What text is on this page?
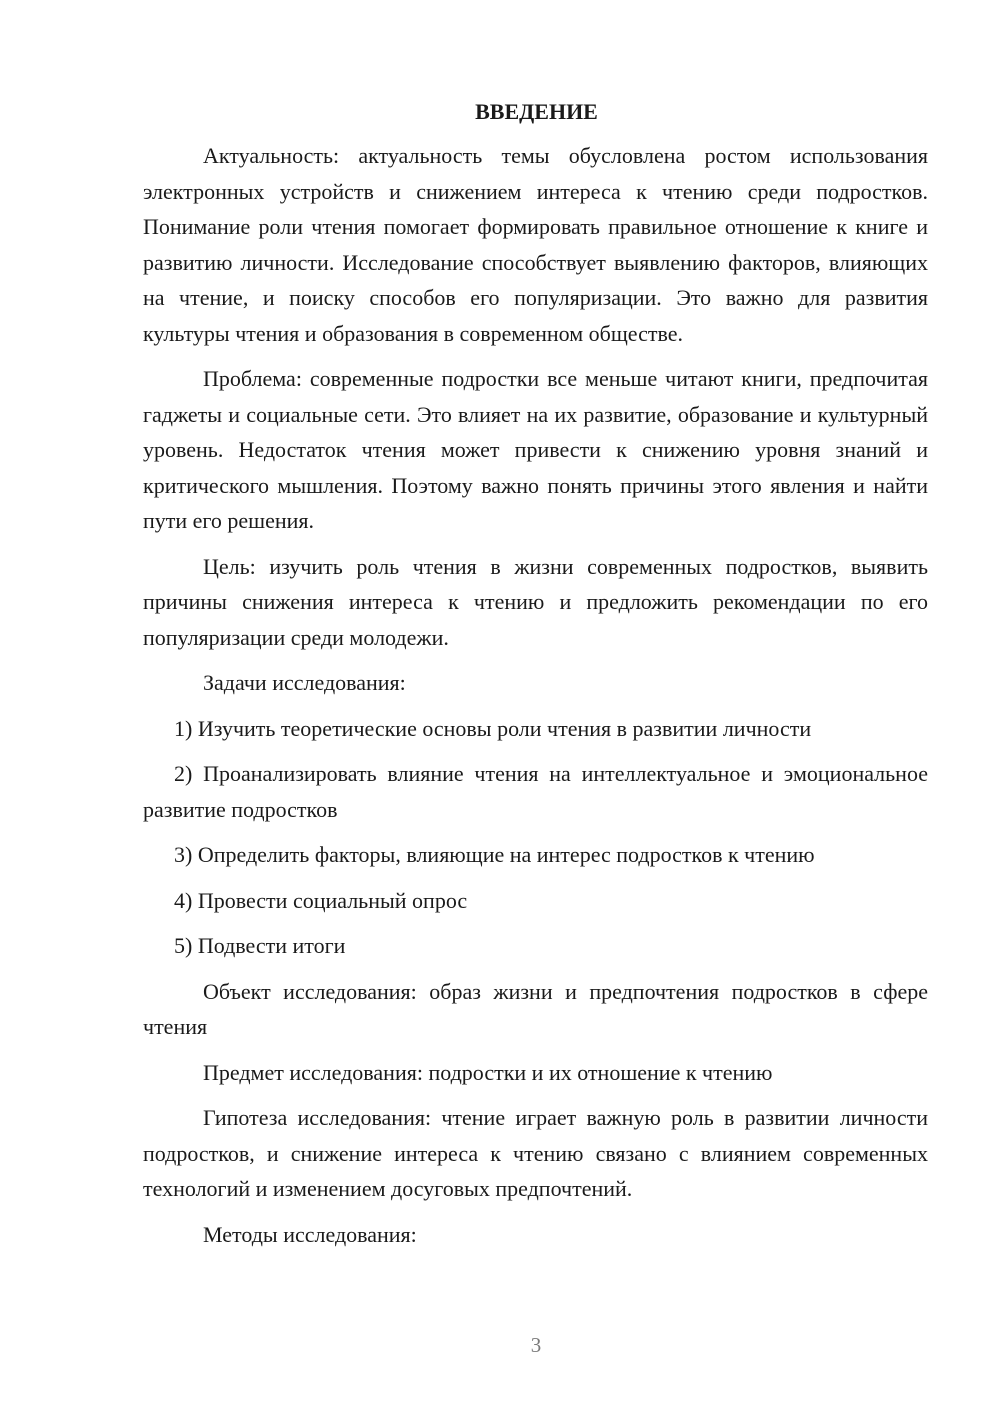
ВВЕДЕНИЕ

Актуальность: актуальность темы обусловлена ростом использования электронных устройств и снижением интереса к чтению среди подростков. Понимание роли чтения помогает формировать правильное отношение к книге и развитию личности. Исследование способствует выявлению факторов, влияющих на чтение, и поиску способов его популяризации. Это важно для развития культуры чтения и образования в современном обществе.

Проблема: современные подростки все меньше читают книги, предпочитая гаджеты и социальные сети. Это влияет на их развитие, образование и культурный уровень. Недостаток чтения может привести к снижению уровня знаний и критического мышления. Поэтому важно понять причины этого явления и найти пути его решения.

Цель: изучить роль чтения в жизни современных подростков, выявить причины снижения интереса к чтению и предложить рекомендации по его популяризации среди молодежи.

Задачи исследования:

1) Изучить теоретические основы роли чтения в развитии личности

2) Проанализировать влияние чтения на интеллектуальное и эмоциональное развитие подростков

3) Определить факторы, влияющие на интерес подростков к чтению

4) Провести социальный опрос

5) Подвести итоги

Объект исследования: образ жизни и предпочтения подростков в сфере чтения

Предмет исследования: подростки и их отношение к чтению

Гипотеза исследования: чтение играет важную роль в развитии личности подростков, и снижение интереса к чтению связано с влиянием современных технологий и изменением досуговых предпочтений.

Методы исследования:

3
